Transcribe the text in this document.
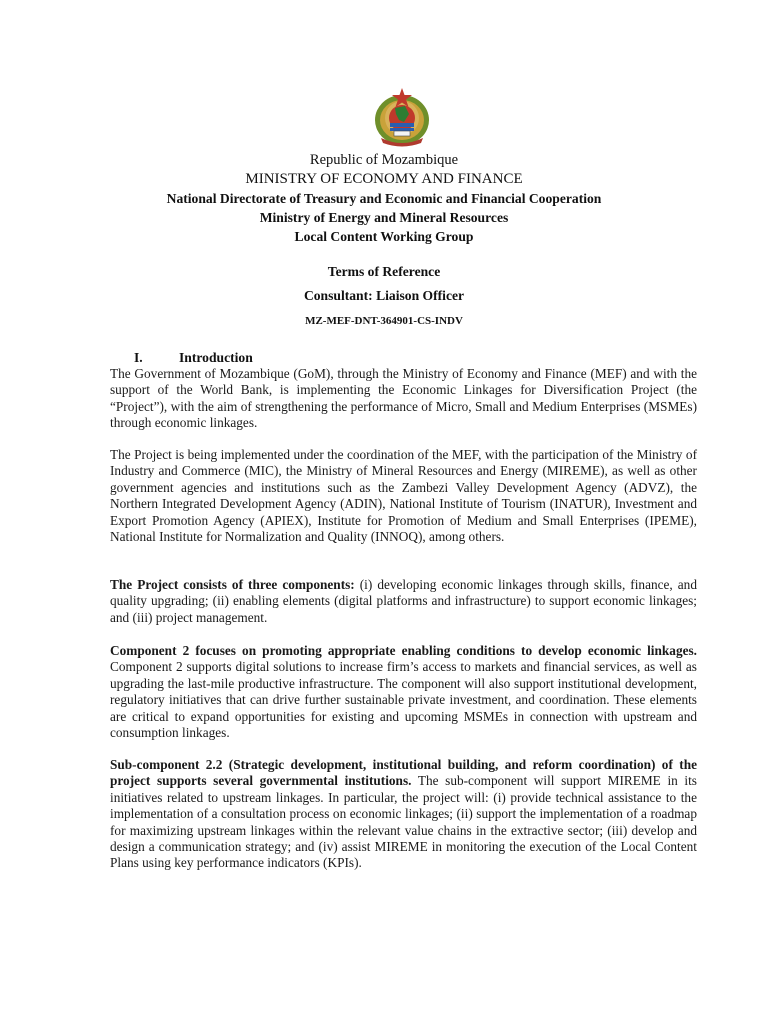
Republic of Mozambique
MINISTRY OF ECONOMY AND FINANCE
National Directorate of Treasury and Economic and Financial Cooperation
Ministry of Energy and Mineral Resources
Local Content Working Group
Terms of Reference
Consultant: Liaison Officer
MZ-MEF-DNT-364901-CS-INDV
I.	Introduction
The Government of Mozambique (GoM), through the Ministry of Economy and Finance (MEF) and with the support of the World Bank, is implementing the Economic Linkages for Diversification Project (the “Project”), with the aim of strengthening the performance of Micro, Small and Medium Enterprises (MSMEs) through economic linkages.
The Project is being implemented under the coordination of the MEF, with the participation of the Ministry of Industry and Commerce (MIC), the Ministry of Mineral Resources and Energy (MIREME), as well as other government agencies and institutions such as the Zambezi Valley Development Agency (ADVZ), the Northern Integrated Development Agency (ADIN), National Institute of Tourism (INATUR), Investment and Export Promotion Agency (APIEX), Institute for Promotion of Medium and Small Enterprises (IPEME), National Institute for Normalization and Quality (INNOQ), among others.
The Project consists of three components: (i) developing economic linkages through skills, finance, and quality upgrading; (ii) enabling elements (digital platforms and infrastructure) to support economic linkages; and (iii) project management.
Component 2 focuses on promoting appropriate enabling conditions to develop economic linkages. Component 2 supports digital solutions to increase firm’s access to markets and financial services, as well as upgrading the last-mile productive infrastructure. The component will also support institutional development, regulatory initiatives that can drive further sustainable private investment, and coordination. These elements are critical to expand opportunities for existing and upcoming MSMEs in connection with upstream and consumption linkages.
Sub-component 2.2 (Strategic development, institutional building, and reform coordination) of the project supports several governmental institutions. The sub-component will support MIREME in its initiatives related to upstream linkages. In particular, the project will: (i) provide technical assistance to the implementation of a consultation process on economic linkages; (ii) support the implementation of a roadmap for maximizing upstream linkages within the relevant value chains in the extractive sector; (iii) develop and design a communication strategy; and (iv) assist MIREME in monitoring the execution of the Local Content Plans using key performance indicators (KPIs).
